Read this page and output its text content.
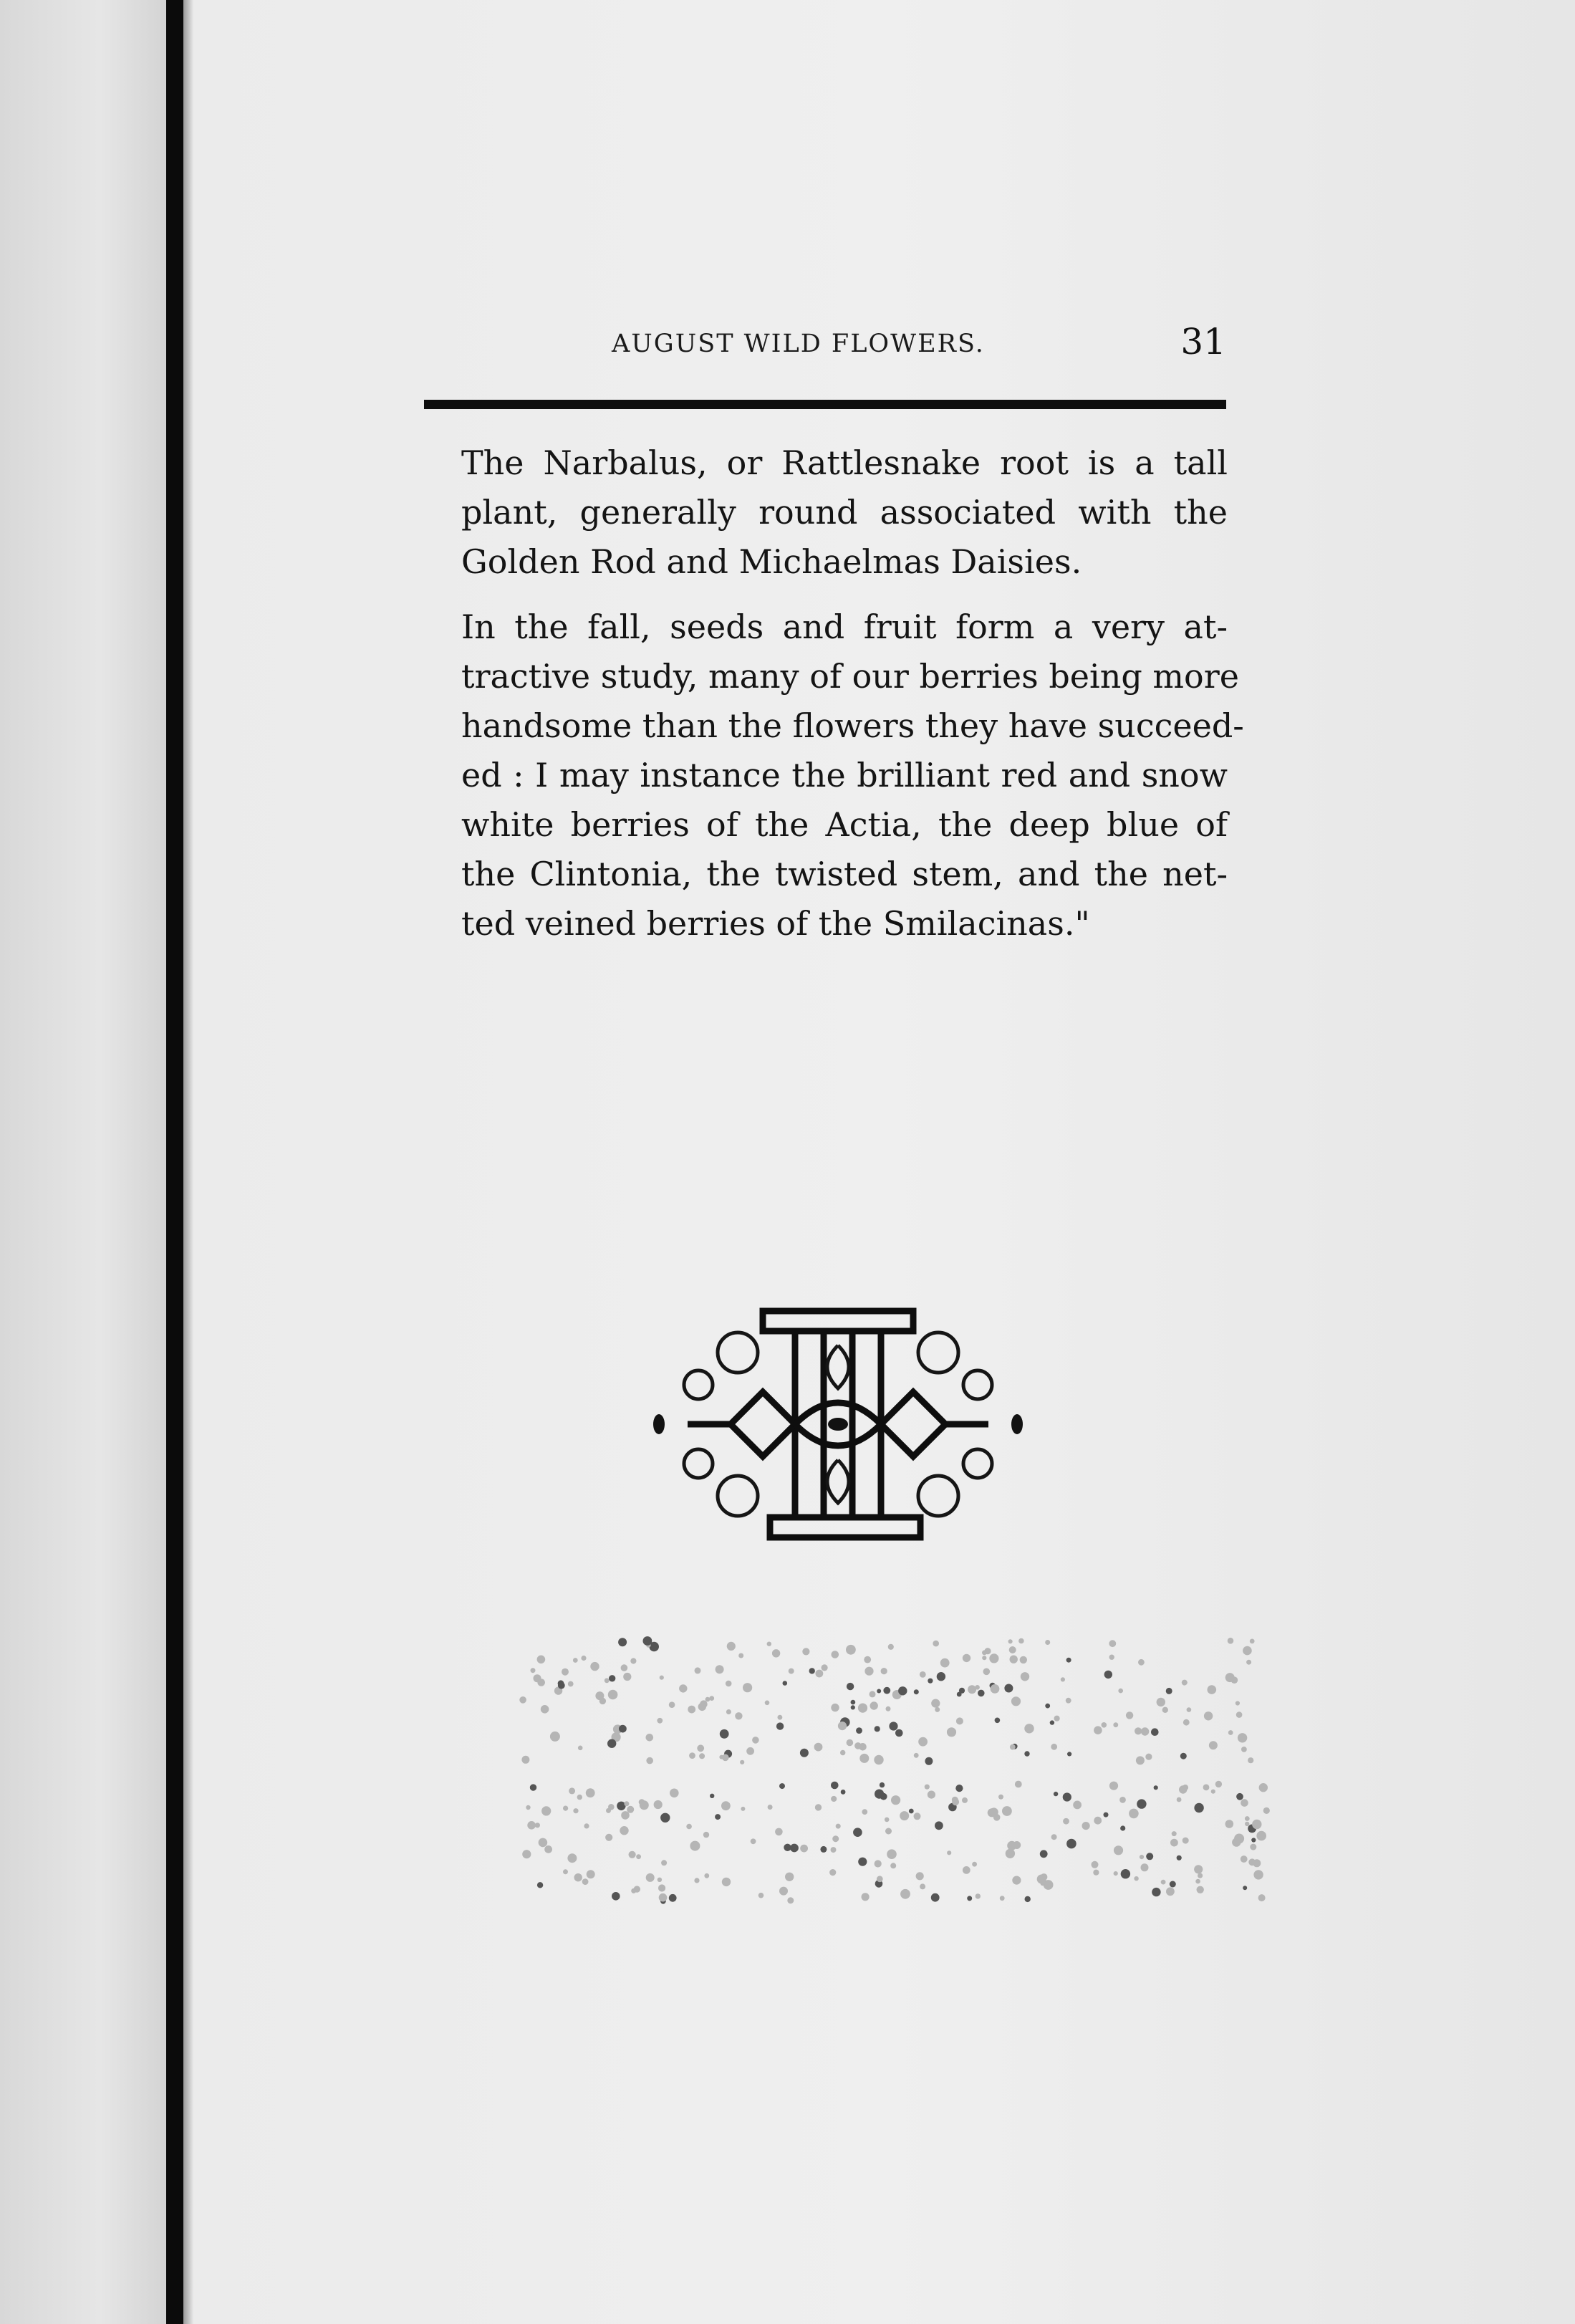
AUGUST WILD FLOWERS.	31

The Narbalus, or Rattlesnake root is a tall
plant, generally round associated with the
Golden Rod and Michaelmas Daisies.

In the fall, seeds and fruit form a very at-
tractive study, many of our berries being more
handsome than the flowers they have succeed-
ed : I may instance the brilliant red and snow
white berries of the Actia, the deep blue of
the Clintonia, the twisted stem, and the net-
ted veined berries of the Smilacinas."
